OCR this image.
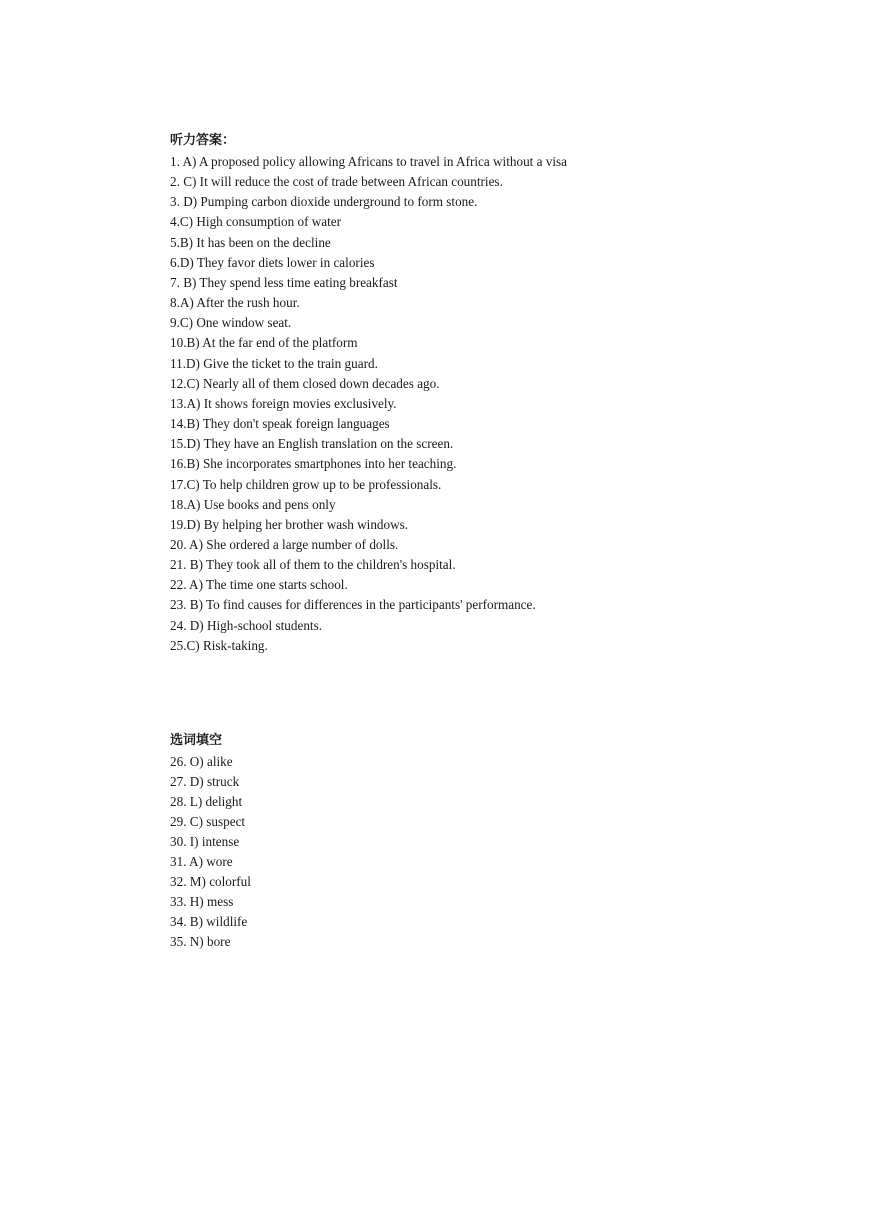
听力答案：
1. A) A proposed policy allowing Africans to travel in Africa without a visa
2. C) It will reduce the cost of trade between African countries.
3. D) Pumping carbon dioxide underground to form stone.
4.C) High consumption of water
5.B) It has been on the decline
6.D) They favor diets lower in calories
7. B) They spend less time eating breakfast
8.A) After the rush hour.
9.C) One window seat.
10.B) At the far end of the platform
11.D) Give the ticket to the train guard.
12.C) Nearly all of them closed down decades ago.
13.A) It shows foreign movies exclusively.
14.B) They don't speak foreign languages
15.D) They have an English translation on the screen.
16.B) She incorporates smartphones into her teaching.
17.C) To help children grow up to be professionals.
18.A) Use books and pens only
19.D) By helping her brother wash windows.
20. A) She ordered a large number of dolls.
21. B) They took all of them to the children's hospital.
22. A) The time one starts school.
23. B) To find causes for differences in the participants' performance.
24. D) High-school students.
25.C) Risk-taking.
选词填空
26. O) alike
27. D) struck
28. L) delight
29. C) suspect
30. I) intense
31. A) wore
32. M) colorful
33. H) mess
34. B) wildlife
35. N) bore
